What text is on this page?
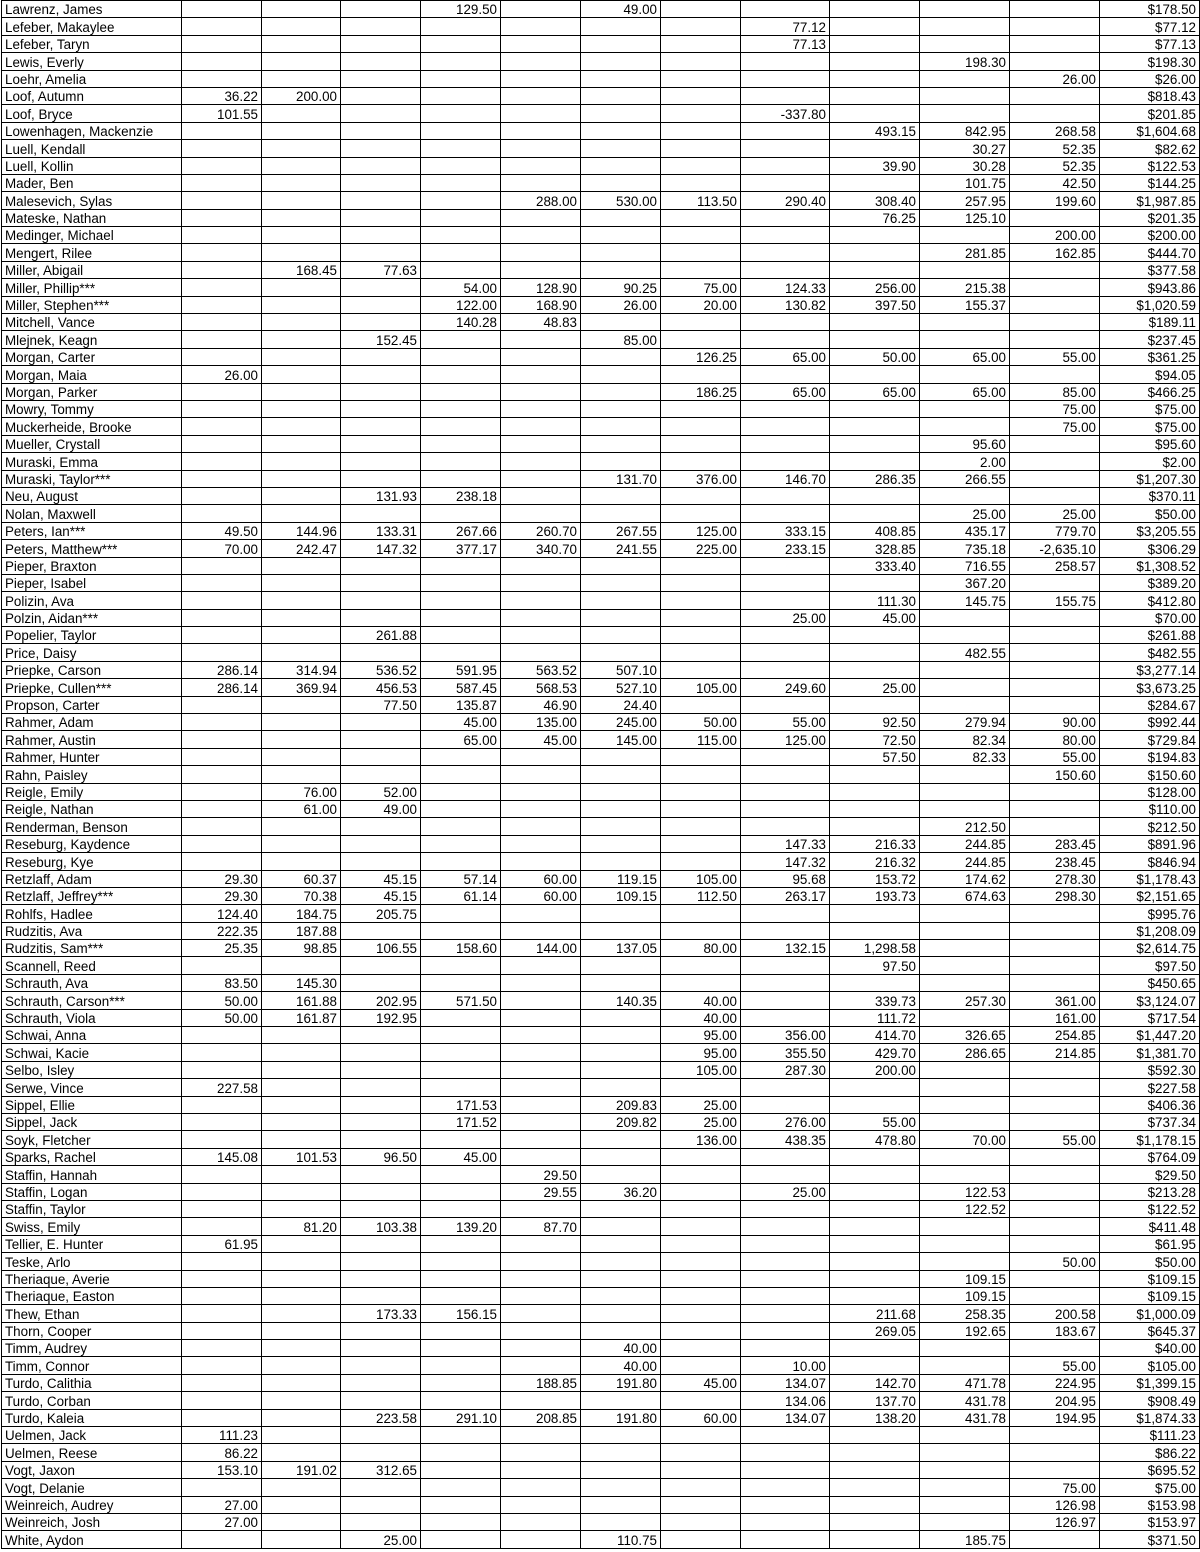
Lawrenz, James				129.50		49.00						$178.50
Lefeber, Makaylee								77.12				$77.12
Lefeber, Taryn								77.13				$77.13
Lewis, Everly										198.30		$198.30
Loehr, Amelia											26.00	$26.00
Loof, Autumn	36.22	200.00										$818.43
Loof, Bryce	101.55							-337.80				$201.85
Lowenhagen, Mackenzie									493.15	842.95	268.58	$1,604.68
Luell, Kendall										30.27	52.35	$82.62
Luell, Kollin									39.90	30.28	52.35	$122.53
Mader, Ben										101.75	42.50	$144.25
Malesevich, Sylas					288.00	530.00	113.50	290.40	308.40	257.95	199.60	$1,987.85
Mateske, Nathan									76.25	125.10		$201.35
Medinger, Michael											200.00	$200.00
Mengert, Rilee										281.85	162.85	$444.70
Miller, Abigail		168.45	77.63									$377.58
Miller, Phillip***				54.00	128.90	90.25	75.00	124.33	256.00	215.38		$943.86
Miller, Stephen***				122.00	168.90	26.00	20.00	130.82	397.50	155.37		$1,020.59
Mitchell, Vance				140.28	48.83							$189.11
Mlejnek, Keagn			152.45			85.00						$237.45
Morgan, Carter							126.25	65.00	50.00	65.00	55.00	$361.25
Morgan, Maia	26.00											$94.05
Morgan, Parker							186.25	65.00	65.00	65.00	85.00	$466.25
Mowry, Tommy											75.00	$75.00
Muckerheide, Brooke											75.00	$75.00
Mueller, Crystall										95.60		$95.60
Muraski, Emma										2.00		$2.00
Muraski, Taylor***						131.70	376.00	146.70	286.35	266.55		$1,207.30
Neu, August			131.93	238.18								$370.11
Nolan, Maxwell										25.00	25.00	$50.00
Peters, Ian***	49.50	144.96	133.31	267.66	260.70	267.55	125.00	333.15	408.85	435.17	779.70	$3,205.55
Peters, Matthew***	70.00	242.47	147.32	377.17	340.70	241.55	225.00	233.15	328.85	735.18	-2,635.10	$306.29
Pieper, Braxton									333.40	716.55	258.57	$1,308.52
Pieper, Isabel										367.20		$389.20
Polizin, Ava									111.30	145.75	155.75	$412.80
Polzin, Aidan***								25.00	45.00			$70.00
Popelier, Taylor			261.88									$261.88
Price, Daisy										482.55		$482.55
Priepke, Carson	286.14	314.94	536.52	591.95	563.52	507.10						$3,277.14
Priepke, Cullen***	286.14	369.94	456.53	587.45	568.53	527.10	105.00	249.60	25.00			$3,673.25
Propson, Carter			77.50	135.87	46.90	24.40						$284.67
Rahmer, Adam				45.00	135.00	245.00	50.00	55.00	92.50	279.94	90.00	$992.44
Rahmer, Austin				65.00	45.00	145.00	115.00	125.00	72.50	82.34	80.00	$729.84
Rahmer, Hunter									57.50	82.33	55.00	$194.83
Rahn, Paisley											150.60	$150.60
Reigle, Emily		76.00	52.00									$128.00
Reigle, Nathan		61.00	49.00									$110.00
Renderman, Benson										212.50		$212.50
Reseburg, Kaydence								147.33	216.33	244.85	283.45	$891.96
Reseburg, Kye								147.32	216.32	244.85	238.45	$846.94
Retzlaff, Adam	29.30	60.37	45.15	57.14	60.00	119.15	105.00	95.68	153.72	174.62	278.30	$1,178.43
Retzlaff, Jeffrey***	29.30	70.38	45.15	61.14	60.00	109.15	112.50	263.17	193.73	674.63	298.30	$2,151.65
Rohlfs, Hadlee	124.40	184.75	205.75									$995.76
Rudzitis, Ava	222.35	187.88										$1,208.09
Rudzitis, Sam***	25.35	98.85	106.55	158.60	144.00	137.05	80.00	132.15	1,298.58			$2,614.75
Scannell, Reed									97.50			$97.50
Schrauth, Ava	83.50	145.30										$450.65
Schrauth, Carson***	50.00	161.88	202.95	571.50		140.35	40.00		339.73	257.30	361.00	$3,124.07
Schrauth, Viola	50.00	161.87	192.95				40.00		111.72		161.00	$717.54
Schwai, Anna							95.00	356.00	414.70	326.65	254.85	$1,447.20
Schwai, Kacie							95.00	355.50	429.70	286.65	214.85	$1,381.70
Selbo, Isley							105.00	287.30	200.00			$592.30
Serwe, Vince	227.58											$227.58
Sippel, Ellie				171.53		209.83	25.00					$406.36
Sippel, Jack				171.52		209.82	25.00	276.00	55.00			$737.34
Soyk, Fletcher							136.00	438.35	478.80	70.00	55.00	$1,178.15
Sparks, Rachel	145.08	101.53	96.50	45.00								$764.09
Staffin, Hannah					29.50							$29.50
Staffin, Logan					29.55	36.20		25.00		122.53		$213.28
Staffin, Taylor										122.52		$122.52
Swiss, Emily		81.20	103.38	139.20	87.70							$411.48
Tellier, E. Hunter	61.95											$61.95
Teske, Arlo											50.00	$50.00
Theriaque, Averie										109.15		$109.15
Theriaque, Easton										109.15		$109.15
Thew, Ethan			173.33	156.15					211.68	258.35	200.58	$1,000.09
Thorn, Cooper									269.05	192.65	183.67	$645.37
Timm, Audrey						40.00						$40.00
Timm, Connor						40.00		10.00			55.00	$105.00
Turdo, Calithia					188.85	191.80	45.00	134.07	142.70	471.78	224.95	$1,399.15
Turdo, Corban								134.06	137.70	431.78	204.95	$908.49
Turdo, Kaleia			223.58	291.10	208.85	191.80	60.00	134.07	138.20	431.78	194.95	$1,874.33
Uelmen, Jack	111.23											$111.23
Uelmen, Reese	86.22											$86.22
Vogt, Jaxon	153.10	191.02	312.65									$695.52
Vogt, Delanie											75.00	$75.00
Weinreich, Audrey	27.00										126.98	$153.98
Weinreich, Josh	27.00										126.97	$153.97
White, Aydon			25.00			110.75				185.75		$371.50
